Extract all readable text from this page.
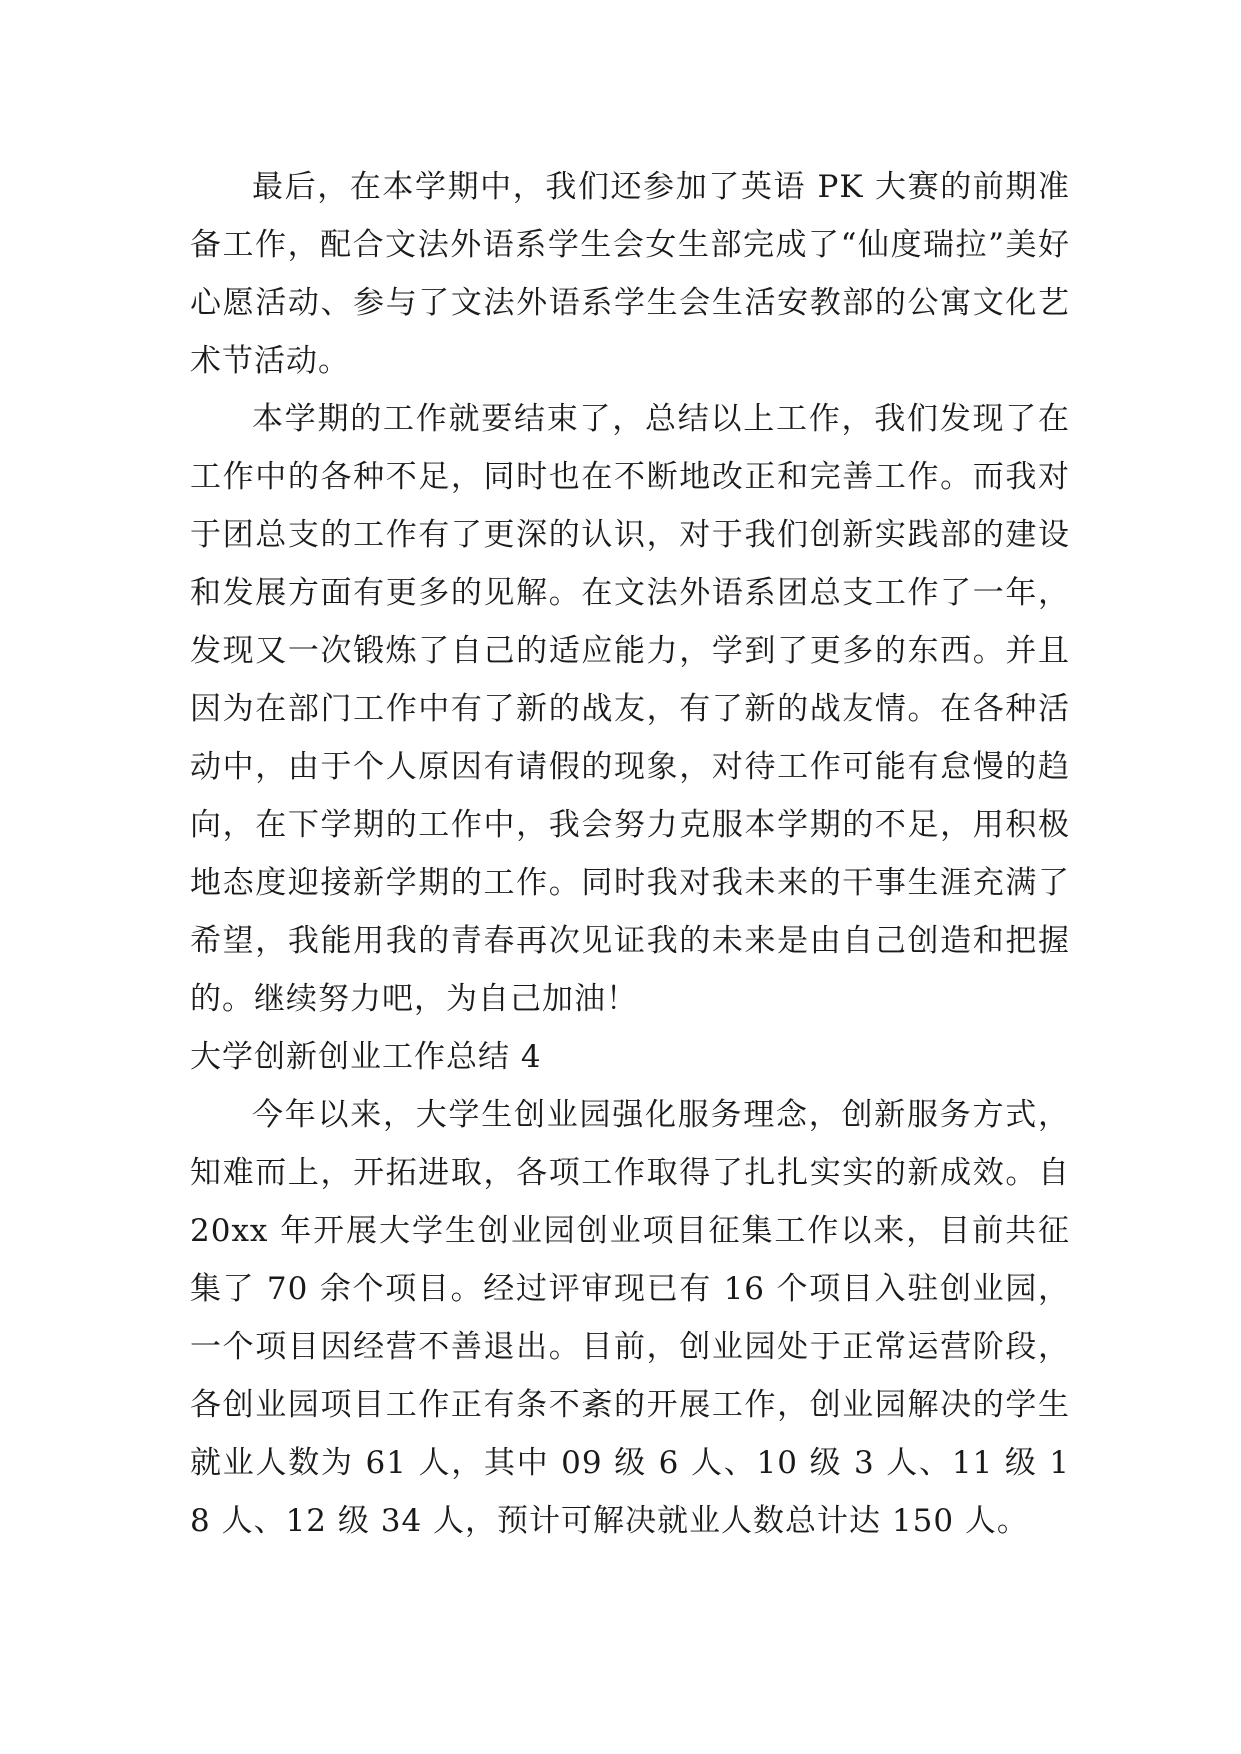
最后，在本学期中，我们还参加了英语 PK 大赛的前期准备工作，配合文法外语系学生会女生部完成了“仙度瑞拉”美好心愿活动、参与了文法外语系学生会生活安教部的公寓文化艺术节活动。

本学期的工作就要结束了，总结以上工作，我们发现了在工作中的各种不足，同时也在不断地改正和完善工作。而我对于团总支的工作有了更深的认识，对于我们创新实践部的建设和发展方面有更多的见解。在文法外语系团总支工作了一年，发现又一次锻炼了自己的适应能力，学到了更多的东西。并且因为在部门工作中有了新的战友，有了新的战友情。在各种活动中，由于个人原因有请假的现象，对待工作可能有怠慢的趋向，在下学期的工作中，我会努力克服本学期的不足，用积极地态度迎接新学期的工作。同时我对我未来的干事生涯充满了希望，我能用我的青春再次见证我的未来是由自己创造和把握的。继续努力吧，为自己加油！

大学创新创业工作总结 4

今年以来，大学生创业园强化服务理念，创新服务方式，知难而上，开拓进取，各项工作取得了扎扎实实的新成效。自 20xx 年开展大学生创业园创业项目征集工作以来，目前共征集了 70 余个项目。经过评审现已有 16 个项目入驻创业园，一个项目因经营不善退出。目前，创业园处于正常运营阶段，各创业园项目工作正有条不紊的开展工作，创业园解决的学生就业人数为 61 人，其中 09 级 6 人、10 级 3 人、11 级 18 人、12 级 34 人，预计可解决就业人数总计达 150 人。
